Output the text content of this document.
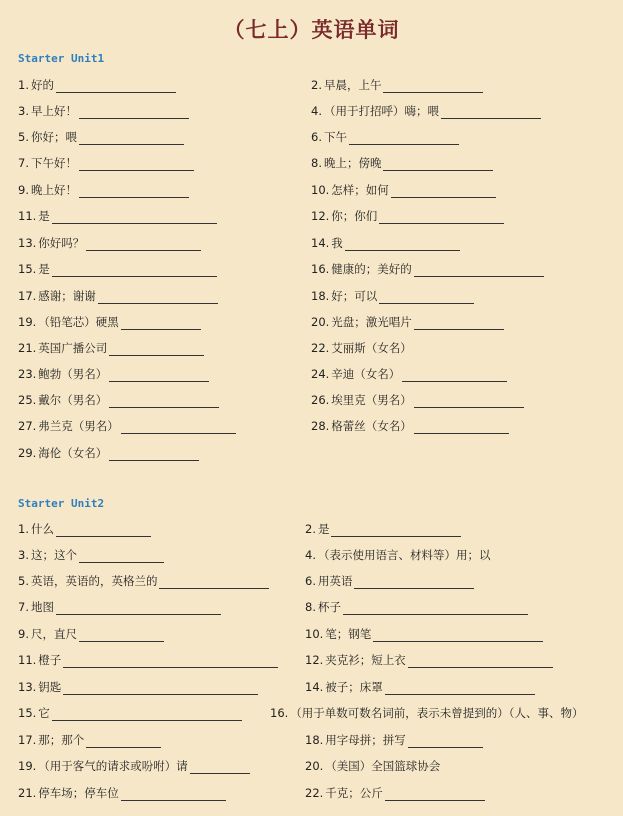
（七上）英语单词
Starter Unit1
Starter Unit2
1. 好的	2. 早晨，上午
3. 早上好！	4. （用于打招呼）嗨；喂
5. 你好；喂	6. 下午
7. 下午好！	8. 晚上；傍晚
9. 晚上好！	10. 怎样；如何
11. 是	12. 你；你们
13. 你好吗？	14. 我
15. 是	16. 健康的；美好的
17. 感谢；谢谢	18. 好；可以
19. （铅笔芯）硬黑	20. 光盘；激光唱片
21. 英国广播公司	22. 艾丽斯（女名）
23. 鲍勃（男名）	24. 辛迪（女名）
25. 戴尔（男名）	26. 埃里克（男名）
27. 弗兰克（男名）	28. 格蕾丝（女名）
29. 海伦（女名）
1. 什么	2. 是
3. 这；这个	4. （表示使用语言、材料等）用；以
5. 英语，英语的，英格兰的	6. 用英语
7. 地图	8. 杯子
9. 尺，直尺	10. 笔；钢笔
11. 橙子	12. 夹克衫；短上衣
13. 钥匙	14. 被子；床罩
15. 它	16. （用于单数可数名词前，表示未曾提到的）（人、事、物）
17. 那；那个	18. 用字母拼；拼写
19. （用于客气的请求或吩咐）请	20. （美国）全国篮球协会
21. 停车场；停车位	22. 千克；公斤
